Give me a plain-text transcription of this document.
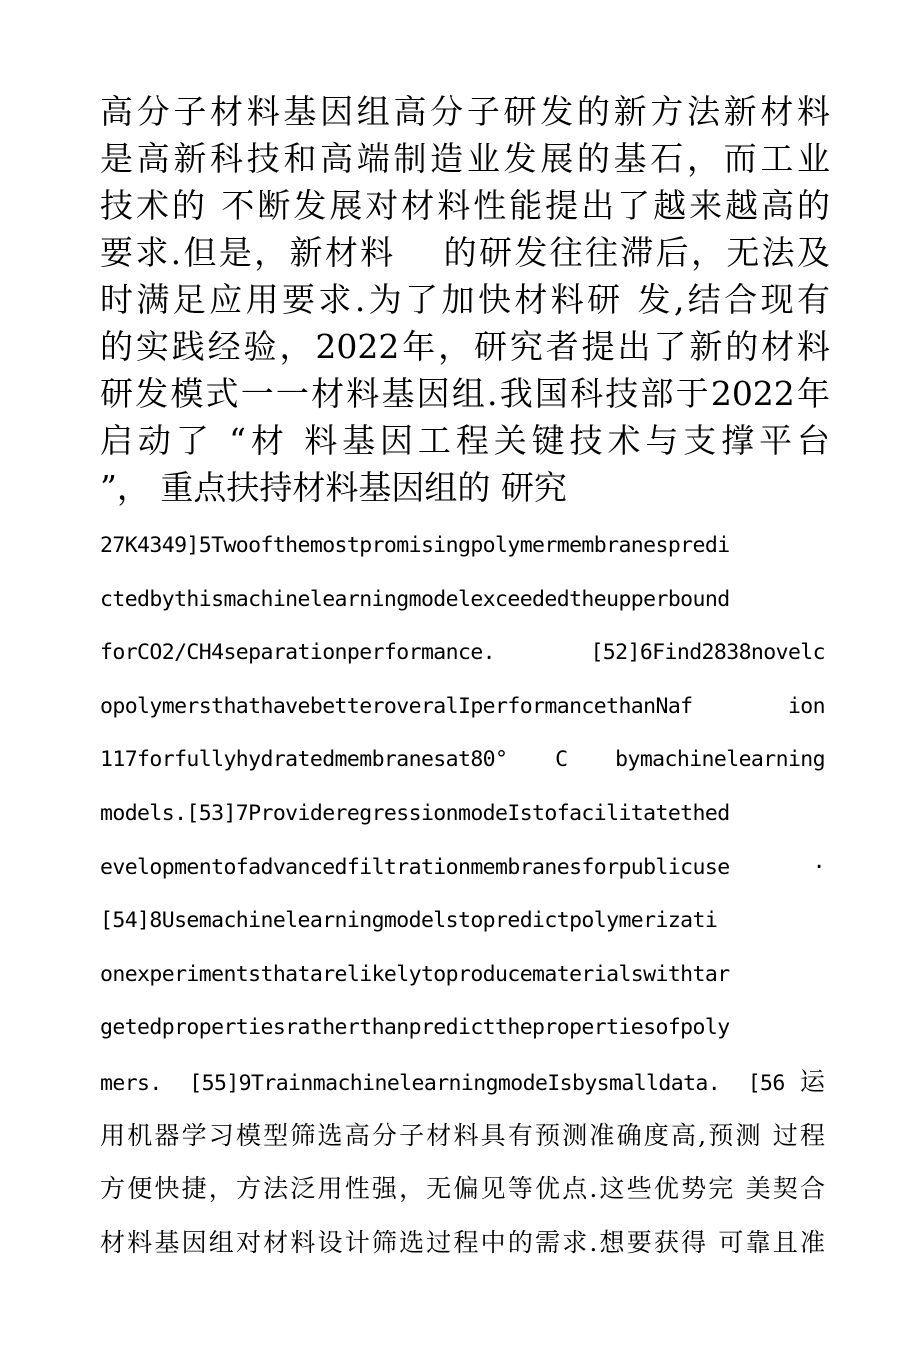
高分子材料基因组高分子研发的新方法新材料
是高新科技和高端制造业发展的基石，而工业
技术的 不断发展对材料性能提出了越来越高的
要求.但是，新材料　 的研发往往滞后，无法及
时满足应用要求.为了加快材料研 发,结合现有
的实践经验，2022年，研究者提出了新的材料
研发模式一一材料基因组.我国科技部于2022年
启动了 “材 料基因工程关键技术与支撑平台
”， 重点扶持材料基因组的 研究
27K4349]5Twoofthemostpromisingpolymermembranespredi
ctedbythismachinelearningmodelexceededtheupperbound
forCO2/CH4separationperformance. [52]6Find2838novelc
opolymersthathavebetteroveralIperformancethanNaf ion
117forfullyhydratedmembranesat80° C bymachinelearning
models.[53]7ProvideregressionmodeIstofacilitatethed
evelopmentofadvancedfiltrationmembranesforpublicuse ·
[54]8Usemachinelearningmodelstopredictpolymerizati
onexperimentsthatarelikelytoproducematerialswithtar
getedpropertiesratherthanpredictthepropertiesofpoly
mers. [55]9TrainmachinelearningmodeIsbysmalldata. [56运
用机器学习模型筛选高分子材料具有预测准确度高,预测 过程
方便快捷，方法泛用性强，无偏见等优点.这些优势完 美契合
材料基因组对材料设计筛选过程中的需求.想要获得 可靠且准
